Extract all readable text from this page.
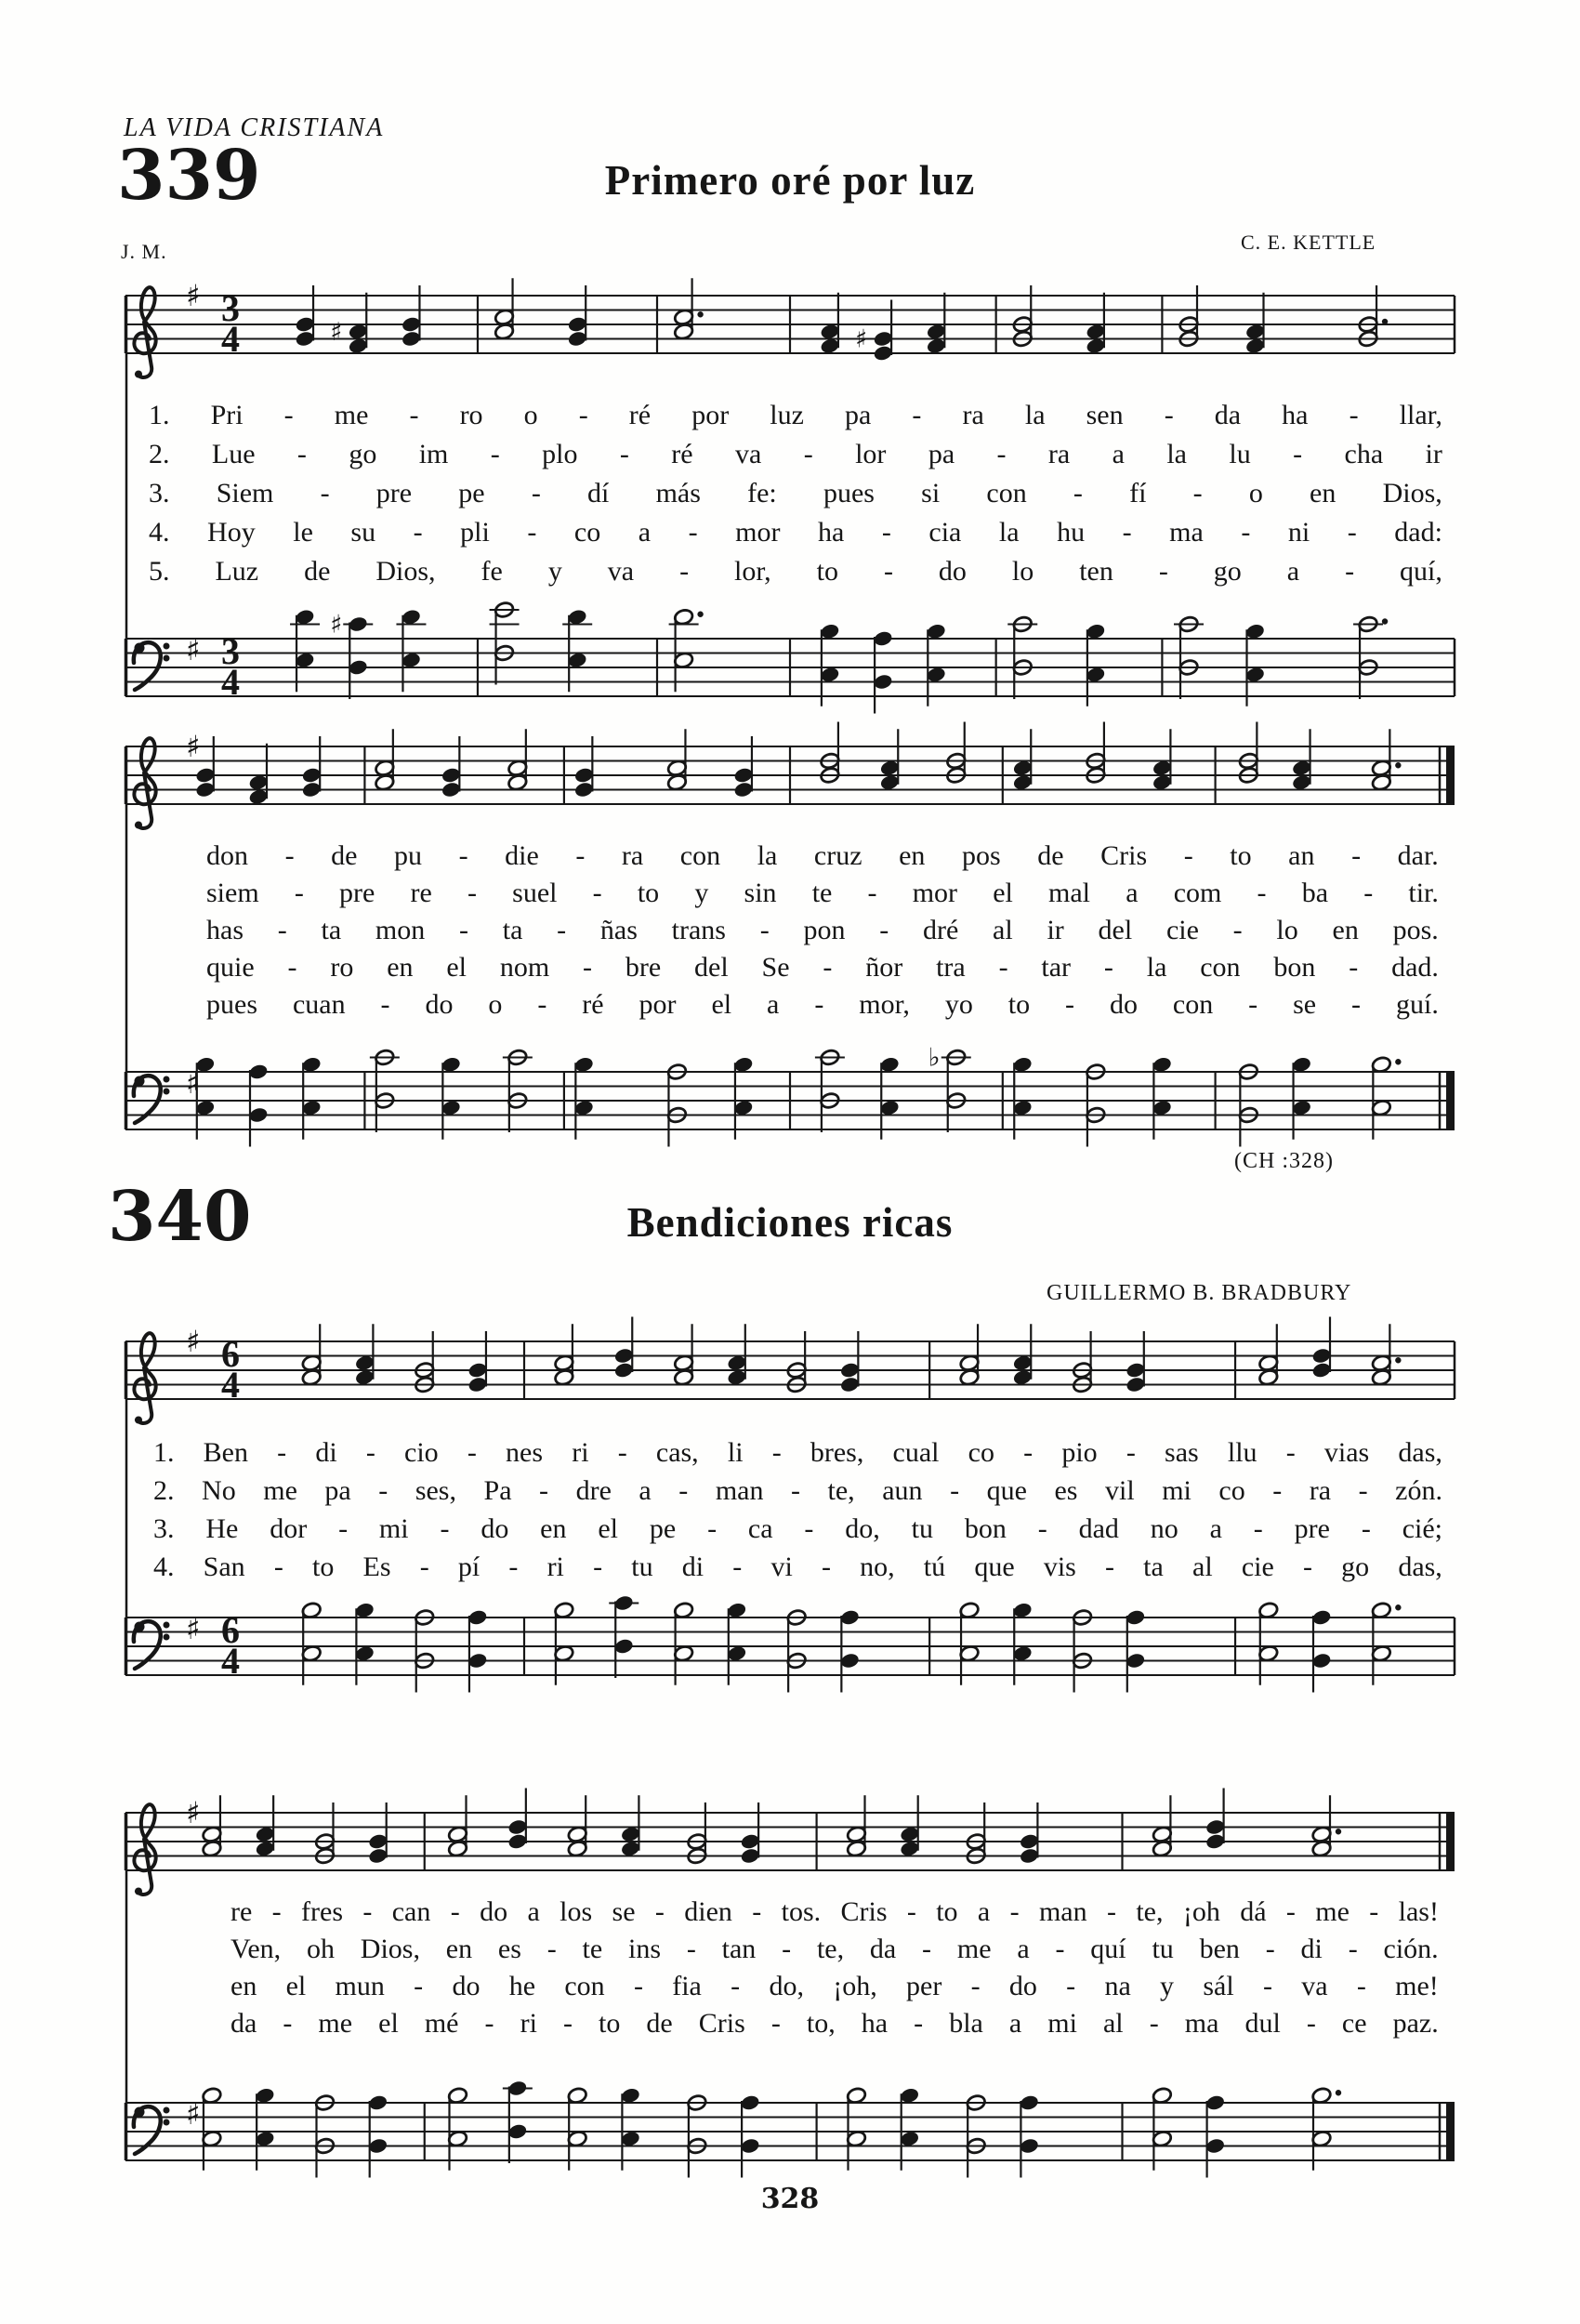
LA VIDA CRISTIANA
339	Primero oré por luz
J. M.	C. E. KETTLE
♯ 3
4	♯	♯
♯ 3
4
♯
♯
♯
♭
♯ 6
4
♯ 6
4
♯
♯
1. Pri - me - ro o - ré por luz pa - ra la sen - da ha - llar,
2. Lue - go im - plo - ré va - lor pa - ra a la lu - cha ir
3. Siem - pre pe - dí más fe: pues si con - fí - o en Dios,
4. Hoy le su - pli - co a - mor ha - cia la hu - ma - ni - dad:
5. Luz de Dios, fe y va - lor, to - do lo ten - go a - quí,
don - de pu - die - ra con la cruz en pos de Cris - to an - dar.
siem - pre re - suel - to y sin te - mor el mal a com - ba - tir.
has - ta mon - ta - ñas trans - pon - dré al ir del cie - lo en pos.
quie - ro en el nom - bre del Se - ñor tra - tar - la con bon - dad.
pues cuan - do o - ré por el a - mor, yo to - do con - se - guí.
(CH :328)
340	Bendiciones ricas
GUILLERMO B. BRADBURY
1. Ben - di - cio - nes ri - cas, li - bres, cual co - pio - sas llu - vias das,
2. No me pa - ses, Pa - dre a - man - te, aun - que es vil mi co - ra - zón.
3. He dor - mi - do en el pe - ca - do, tu bon - dad no a - pre - cié;
4. San - to Es - pí - ri - tu di - vi - no, tú que vis - ta al cie - go das,
re - fres - can - do a los se - dien - tos. Cris - to a - man - te, ¡oh dá - me - las!
Ven, oh Dios, en es - te ins - tan - te, da - me a - quí tu ben - di - ción.
en el mun - do he con - fia - do, ¡oh, per - do - na y sál - va - me!
da - me el mé - ri - to de Cris - to, ha - bla a mi al - ma dul - ce paz.
328
